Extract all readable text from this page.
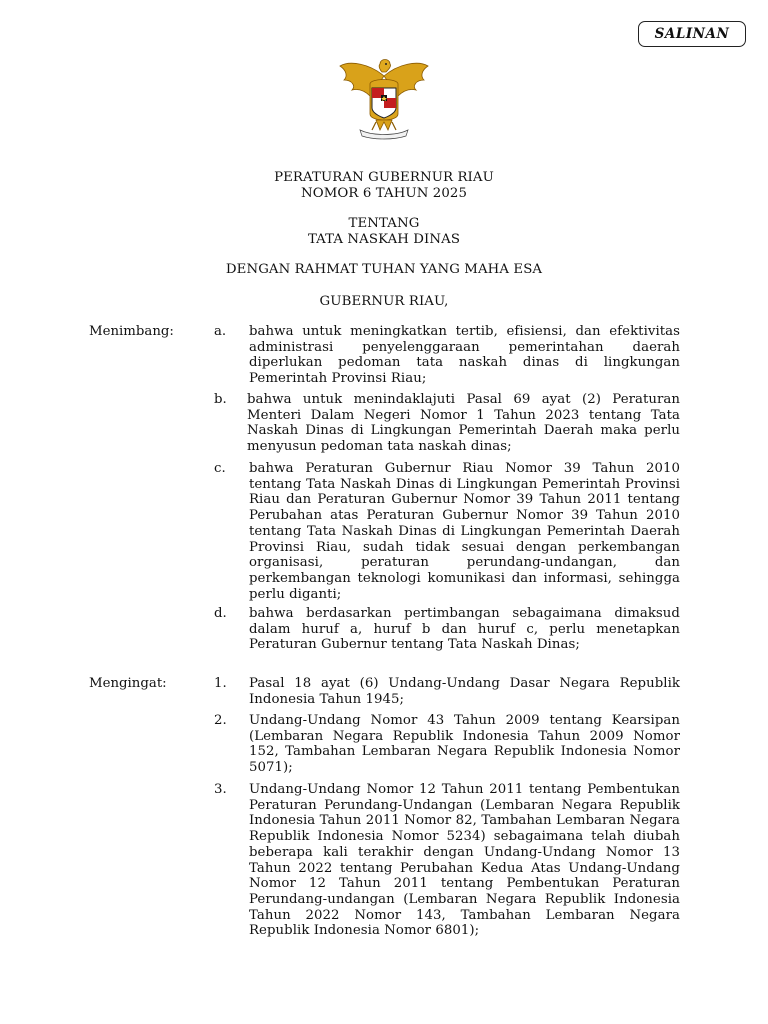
SALINAN
PERATURAN GUBERNUR RIAU
NOMOR 6 TAHUN 2025
TENTANG
TATA NASKAH DINAS
DENGAN RAHMAT TUHAN YANG MAHA ESA
GUBERNUR RIAU,
Menimbang:	a. bahwa untuk meningkatkan tertib, efisiensi, dan efektivitas administrasi penyelenggaraan pemerintahan daerah diperlukan pedoman tata naskah dinas di lingkungan Pemerintah Provinsi Riau;
b. bahwa untuk menindaklajuti Pasal 69 ayat (2) Peraturan Menteri Dalam Negeri Nomor 1 Tahun 2023 tentang Tata Naskah Dinas di Lingkungan Pemerintah Daerah maka perlu menyusun pedoman tata naskah dinas;
c. bahwa Peraturan Gubernur Riau Nomor 39 Tahun 2010 tentang Tata Naskah Dinas di Lingkungan Pemerintah Provinsi Riau dan Peraturan Gubernur Nomor 39 Tahun 2011 tentang Perubahan atas Peraturan Gubernur Nomor 39 Tahun 2010 tentang Tata Naskah Dinas di Lingkungan Pemerintah Daerah Provinsi Riau, sudah tidak sesuai dengan perkembangan organisasi, peraturan perundang-undangan, dan perkembangan teknologi komunikasi dan informasi, sehingga perlu diganti;
d. bahwa berdasarkan pertimbangan sebagaimana dimaksud dalam huruf a, huruf b dan huruf c, perlu menetapkan Peraturan Gubernur tentang Tata Naskah Dinas;
Mengingat:	1. Pasal 18 ayat (6) Undang-Undang Dasar Negara Republik Indonesia Tahun 1945;
2. Undang-Undang Nomor 43 Tahun 2009 tentang Kearsipan (Lembaran Negara Republik Indonesia Tahun 2009 Nomor 152, Tambahan Lembaran Negara Republik Indonesia Nomor 5071);
3. Undang-Undang Nomor 12 Tahun 2011 tentang Pembentukan Peraturan Perundang-Undangan (Lembaran Negara Republik Indonesia Tahun 2011 Nomor 82, Tambahan Lembaran Negara Republik Indonesia Nomor 5234) sebagaimana telah diubah beberapa kali terakhir dengan Undang-Undang Nomor 13 Tahun 2022 tentang Perubahan Kedua Atas Undang-Undang Nomor 12 Tahun 2011 tentang Pembentukan Peraturan Perundang-undangan (Lembaran Negara Republik Indonesia Tahun 2022 Nomor 143, Tambahan Lembaran Negara Republik Indonesia Nomor 6801);
